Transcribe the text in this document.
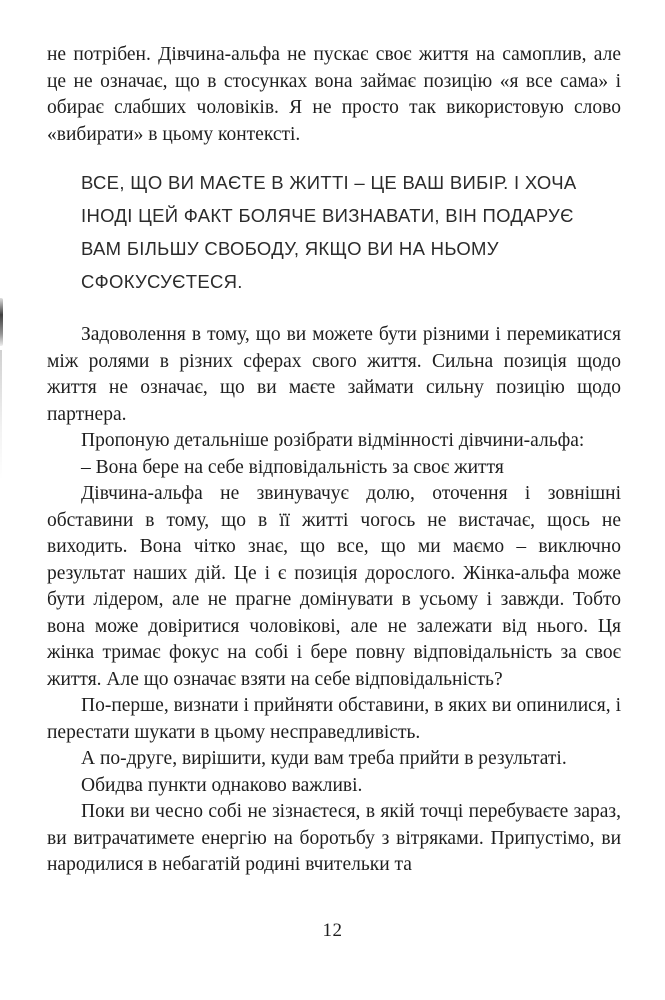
не потрібен. Дівчина-альфа не пускає своє життя на самоплив, але це не означає, що в стосунках вона займає позицію «я все сама» і обирає слабших чоловіків. Я не просто так використовую слово «вибирати» в цьому контексті.

ВСЕ, ЩО ВИ МАЄТЕ В ЖИТТІ – ЦЕ ВАШ ВИБІР. І ХОЧА ІНОДІ ЦЕЙ ФАКТ БОЛЯЧЕ ВИЗНАВАТИ, ВІН ПОДАРУЄ ВАМ БІЛЬШУ СВОБОДУ, ЯКЩО ВИ НА НЬОМУ СФОКУСУЄТЕСЯ.

Задоволення в тому, що ви можете бути різними і перемикатися між ролями в різних сферах свого життя. Сильна позиція щодо життя не означає, що ви маєте займати сильну позицію щодо партнера.

Пропоную детальніше розібрати відмінності дівчини-альфа:

– Вона бере на себе відповідальність за своє життя

Дівчина-альфа не звинувачує долю, оточення і зовнішні обставини в тому, що в її житті чогось не вистачає, щось не виходить. Вона чітко знає, що все, що ми маємо – виключно результат наших дій. Це і є позиція дорослого. Жінка-альфа може бути лідером, але не прагне домінувати в усьому і завжди. Тобто вона може довіритися чоловікові, але не залежати від нього. Ця жінка тримає фокус на собі і бере повну відповідальність за своє життя. Але що означає взяти на себе відповідальність?

По-перше, визнати і прийняти обставини, в яких ви опинилися, і перестати шукати в цьому несправедливість.

А по-друге, вирішити, куди вам треба прийти в результаті.

Обидва пункти однаково важливі.

Поки ви чесно собі не зізнаєтеся, в якій точці перебуваєте зараз, ви витрачатимете енергію на боротьбу з вітряками. Припустімо, ви народилися в небагатій родині вчительки та

12
